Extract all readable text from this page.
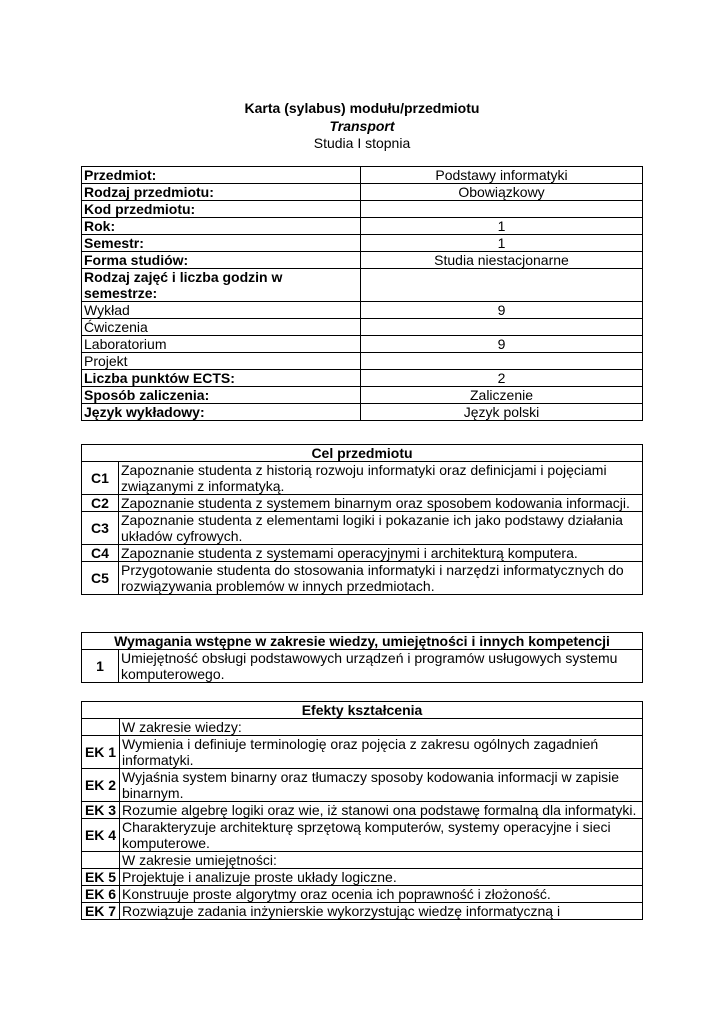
Karta (sylabus) modułu/przedmiotu
Transport
Studia I stopnia
Przedmiot:	Podstawy informatyki
Rodzaj przedmiotu:	Obowiązkowy
Kod przedmiotu:	
Rok:	1
Semestr:	1
Forma studiów:	Studia niestacjonarne
Rodzaj zajęć i liczba godzin w semestrze:	
Wykład	9
Ćwiczenia	
Laboratorium	9
Projekt	
Liczba punktów ECTS:	2
Sposób zaliczenia:	Zaliczenie
Język wykładowy:	Język polski
Cel przedmiotu	
C1	Zapoznanie studenta z historią rozwoju informatyki oraz definicjami i pojęciami związanymi z informatyką.
C2	Zapoznanie studenta z systemem binarnym oraz sposobem kodowania informacji.
C3	Zapoznanie studenta z elementami logiki i pokazanie ich jako podstawy działania układów cyfrowych.
C4	Zapoznanie studenta z systemami operacyjnymi i architekturą komputera.
C5	Przygotowanie studenta do stosowania informatyki i narzędzi informatycznych do rozwiązywania problemów w innych przedmiotach.
Wymagania wstępne w zakresie wiedzy, umiejętności i innych kompetencji
1	Umiejętność obsługi podstawowych urządzeń i programów usługowych systemu komputerowego.
Efekty kształcenia	
	W zakresie wiedzy:
EK 1	Wymienia i definiuje terminologię oraz pojęcia z zakresu ogólnych zagadnień informatyki.
EK 2	Wyjaśnia system binarny oraz tłumaczy sposoby kodowania informacji w zapisie binarnym.
EK 3	Rozumie algebrę logiki oraz wie, iż stanowi ona podstawę formalną dla informatyki.
EK 4	Charakteryzuje architekturę sprzętową komputerów, systemy operacyjne i sieci komputerowe.
	W zakresie umiejętności:
EK 5	Projektuje i analizuje proste układy logiczne.
EK 6	Konstruuje proste algorytmy oraz ocenia ich poprawność i złożoność.
EK 7	Rozwiązuje zadania inżynierskie wykorzystując wiedzę informatyczną i
